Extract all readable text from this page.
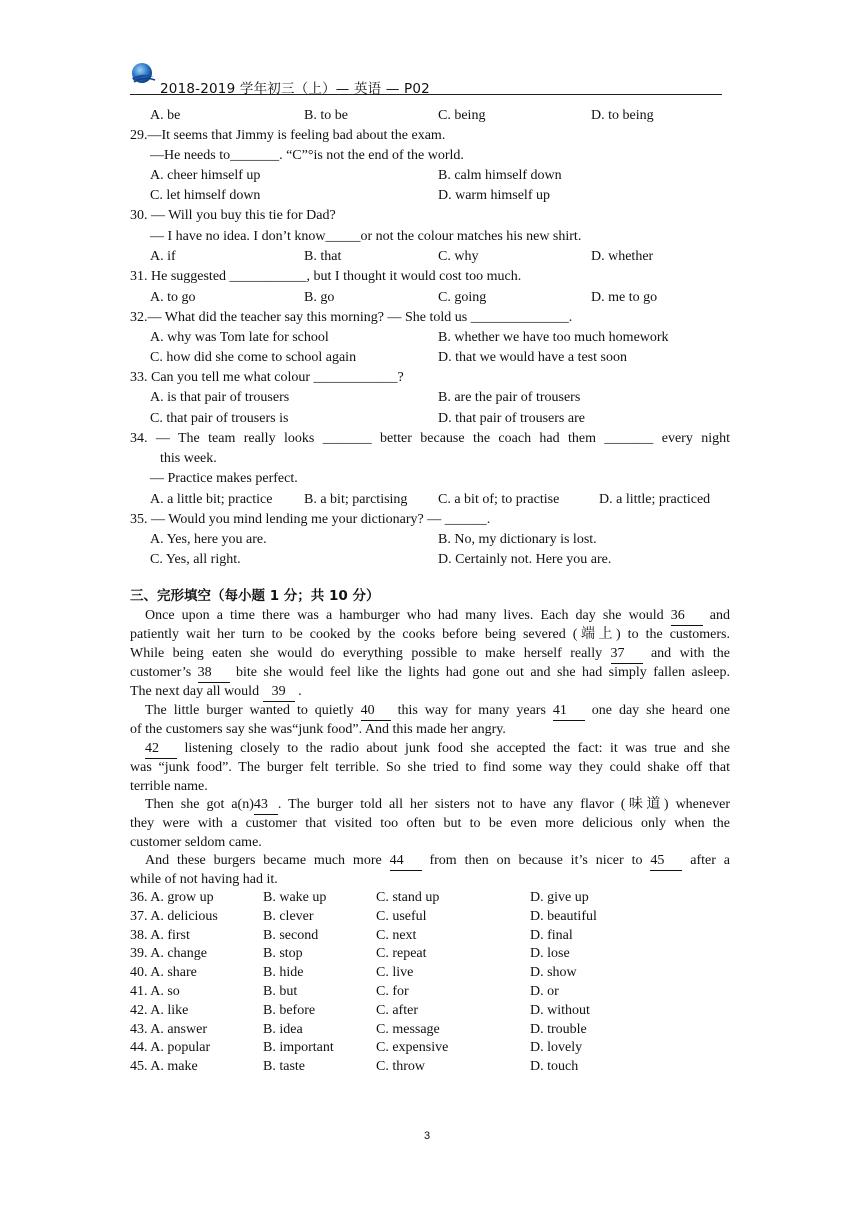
2018-2019 学年初三（上）— 英语 — P02
A. be	B. to be	C. being	D. to being
29.—It seems that Jimmy is feeling bad about the exam.
—He needs to_______. “C”°is not the end of the world.
A. cheer himself up	B. calm himself down
C. let himself down	D. warm himself up
30. — Will you buy this tie for Dad?
— I have no idea. I don’t know_____or not the colour matches his new shirt.
A. if	B. that	C. why	D. whether
31. He suggested ___________, but I thought it would cost too much.
A. to go	B. go	C. going	D. me to go
32.— What did the teacher say this morning? — She told us ______________.
A. why was Tom late for school	B. whether we have too much homework
C. how did she come to school again	D. that we would have a test soon
33. Can you tell me what colour ____________?
A. is that pair of trousers	B. are the pair of trousers
C. that pair of trousers is	D. that pair of trousers are
34. — The team really looks _______ better because the coach had them _______ every night
this week.
— Practice makes perfect.
A. a little bit; practice B. a bit; parctising C. a bit of; to practise	D. a little; practiced
35. — Would you mind lending me your dictionary? — ______.
A. Yes, here you are.	B. No, my dictionary is lost.
C. Yes, all right.	D. Certainly not. Here you are.
三、完形填空（每小题 1 分；共 10 分）
Once upon a time there was a hamburger who had many lives. Each day she would 36 and
patiently wait her turn to be cooked by the cooks before being severed (端上) to the customers.
While being eaten she would do everything possible to make herself really 37 and with the
customer’s 38 bite she would feel like the lights had gone out and she had simply fallen asleep.
The next day all would 39 .
The little burger wanted to quietly 40 this way for many years 41 one day she heard one
of the customers say she was“junk food”. And this made her angry.
42 listening closely to the radio about junk food she accepted the fact: it was true and she
was “junk food”. The burger felt terrible. So she tried to find some way they could shake off that
terrible name.
Then she got a(n)43 . The burger told all her sisters not to have any flavor (味道) whenever
they were with a customer that visited too often but to be even more delicious only when the
customer seldom came.
And these burgers became much more 44 from then on because it’s nicer to 45 after a
while of not having had it.
36. A. grow up	B. wake up	C. stand up	D. give up
37. A. delicious	B. clever	C. useful	D. beautiful
38. A. first	B. second	C. next	D. final
39. A. change	B. stop	C. repeat	D. lose
40. A. share	B. hide	C. live	D. show
41. A. so	B. but	C. for	D. or
42. A. like	B. before	C. after	D. without
43. A. answer	B. idea	C. message	D. trouble
44. A. popular	B. important	C. expensive	D. lovely
45. A. make	B. taste	C. throw	D. touch
3
